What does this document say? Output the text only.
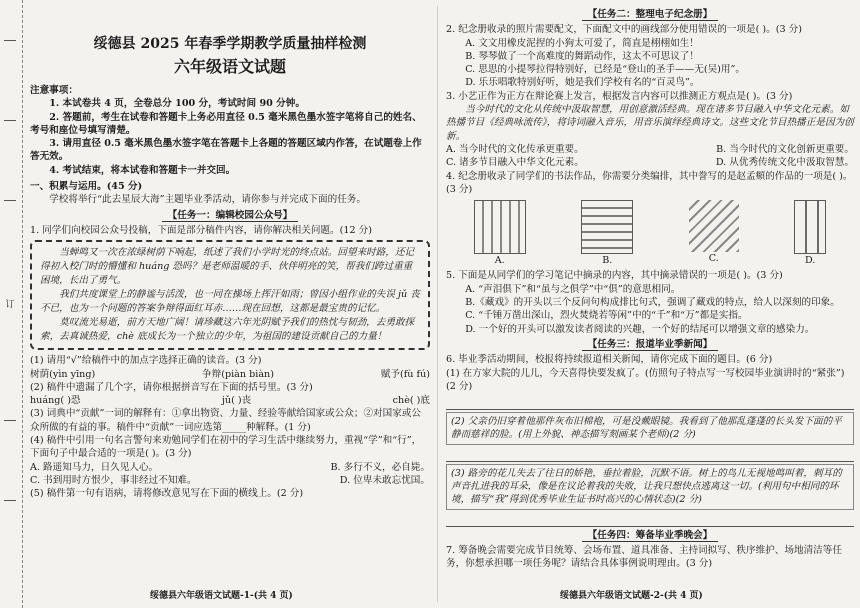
订
绥德县 2025 年春季学期教学质量抽样检测
六年级语文试题
注意事项：

1. 本试卷共 4 页，全卷总分 100 分，考试时间 90 分钟。

2. 答题前，考生在试卷和答题卡上务必用直径 0.5 毫米黑色墨水签字笔将自己的姓名、考号和座位号填写清楚。

3. 请用直径 0.5 毫米黑色墨水签字笔在答题卡上各题的答题区域内作答，在试题卷上作答无效。

4. 考试结束，将本试卷和答题卡一并交回。

一、积累与运用。(45 分)

学校将举行“此去星辰大海”主题毕业季活动，请你参与并完成下面的任务。

【任务一：编辑校园公众号】

1. 同学们向校园公众号投稿，下面是部分稿件内容，请你解决相关问题。(12 分)

当蝉鸣又一次在浓绿树荫下响起，纸述了我们小学时光的终点站。回望来时路，还记得初入校门时的懵懂和 huáng 恐吗？是老师温暖的手、伙伴明亮的笑，帮我们跨过重重困境，长出了勇气。

我们共度课堂上的静谧与活泼，也一同在操场上挥汗如雨；曾因小组作业的失误 jǔ 丧不已，也为一个问题的答案争辩得面红耳赤……现在回想，这都是最宝贵的记忆。

莫叹流光易逝，前方天地广阔！请珍藏这六年光阴赋予我们的热忱与韧劲，去勇敢探索，去真诚热爱，chè 底成长为一个独立的少年，为祖国的建设贡献自己的力量！

(1) 请用“√”给稿件中的加点字选择正确的读音。(3 分)

树荫(yìn yīng)	争辩(piàn biàn)	赋予(fù fú)

(2) 稿件中遗漏了几个字，请你根据拼音写在下面的括号里。(3 分)

huáng( )恐	jǔ( )丧	chè( )底

(3) 词典中“贡献”一词的解释有：①拿出物资、力量、经验等献给国家或公众；②对国家或公众所做的有益的事。稿件中“贡献”一词应选第_____种解释。(1 分)

(4) 稿件中引用一句名言警句来劝勉同学们在初中的学习生活中继续努力，重视“学”和“行”，下面句子中最合适的一项是( )。(3 分)

A. 路遥知马力，日久见人心。	B. 多行不义，必自毙。
C. 书到用时方恨少，事非经过不知难。	D. 位卑未敢忘忧国。

(5) 稿件第一句有语病，请将修改意见写在下面的横线上。(2 分)

绥德县六年级语文试题-1-(共 4 页)
【任务二：整理电子纪念册】

2. 纪念册收录的照片需要配文，下面配文中的画线部分使用错误的一项是( )。(3 分)

A. 文文用橡皮泥捏的小狗太可爱了，简直是栩栩如生！

B. 琴琴做了一个高难度的舞蹈动作，这太不可思议了！

C. 思思的小提琴拉得特别好，已经是“登山的圣手——无(吴)用”。

D. 乐乐唱歌特别好听，她是我们学校有名的“百灵鸟”。

3. 小艺正作为正方在辩论赛上发言，根据发言内容可以推测正方观点是( )。(3 分)

当今时代的文化从传统中汲取智慧，用创意激活经典。现在诸多节目融入中华文化元素。如热播节目《经典咏流传》，将诗词融入音乐，用音乐演绎经典诗文。这些文化节目热播正是因为创新。

A. 当今时代的文化传承更重要。	B. 当今时代的文化创新更重要。
C. 诸多节目融入中华文化元素。	D. 从优秀传统文化中汲取智慧。

4. 纪念册收录了同学们的书法作品，你需要分类编排，其中誊写的是赵孟頫的作品的一项是( )。(3 分)

A.	B.	C.	D.

5. 下面是从同学们的学习笔记中摘录的内容，其中摘录错误的一项是( )。(3 分)

A. “声泪俱下”和“虽与之俱学”中“俱”的意思相同。

B.《藏戏》的开头以三个反问句构成排比句式，强调了藏戏的特点，给人以深刻的印象。

C. “千锤万凿出深山，烈火焚烧若等闲”中的“千”和“万”都是实指。

D. 一个好的开头可以激发读者阅读的兴趣，一个好的结尾可以增强文章的感染力。

【任务三：报道毕业季新闻】

6. 毕业季活动期间，校报将持续报道相关新闻，请你完成下面的题目。(6 分)

(1) 在方家大院的儿儿，今天喜得快要发疯了。(仿照句子特点写一写校园毕业演讲时的“紧张”)(2 分)

(2) 父亲仍旧穿着他那件灰布旧棉袍，可是没戴眼镜。我看到了他那乱蓬蓬的长头发下面的平静而慈祥的脸。(用上外貌、神态描写刻画某个老师)(2 分)
(3) 路旁的花儿失去了往日的娇艳，垂拉着脸，沉默不语。树上的鸟儿无视地鸣叫着，刺耳的声音扎进我的耳朵，像是在议论着我的失败，让我只想快点逃离这一切。(利用句中相同的环境，描写“我”得到优秀毕业生证书时高兴的心情状态)(2 分)
【任务四：筹备毕业季晚会】

7. 筹备晚会需要完成节目统筹、会场布置、道具准备、主持词拟写、秩序维护、场地清洁等任务，你想承担哪一项任务呢？请结合具体事例说明理由。(3 分)

绥德县六年级语文试题-2-(共 4 页)
